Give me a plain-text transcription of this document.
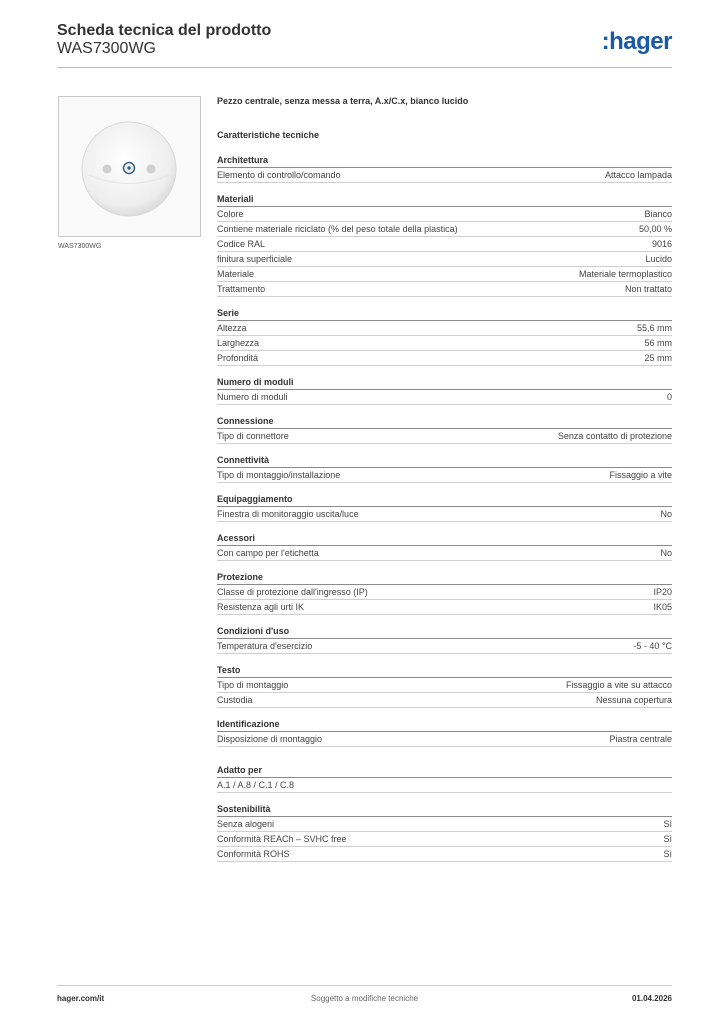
Scheda tecnica del prodotto
WAS7300WG	:hager
WAS7300WG
Pezzo centrale, senza messa a terra, A.x/C.x, bianco lucido
Caratteristiche tecniche
Architettura
Elemento di controllo/comando	Attacco lampada
Materiali
Colore	Bianco
Contiene materiale riciclato (% del peso totale della plastica)	50,00 %
Codice RAL	9016
finitura superficiale	Lucido
Materiale	Materiale termoplastico
Trattamento	Non trattato
Serie
Altezza	55,6 mm
Larghezza	56 mm
Profondità	25 mm
Numero di moduli
Numero di moduli	0
Connessione
Tipo di connettore	Senza contatto di protezione
Connettività
Tipo di montaggio/installazione	Fissaggio a vite
Equipaggiamento
Finestra di monitoraggio uscita/luce	No
Acessori
Con campo per l'etichetta	No
Protezione
Classe di protezione dall'ingresso (IP)	IP20
Resistenza agli urti IK	IK05
Condizioni d'uso
Temperatura d'esercizio	-5 - 40 °C
Testo
Tipo di montaggio	Fissaggio a vite su attacco
Custodia	Nessuna copertura
Identificazione
Disposizione di montaggio	Piastra centrale
Adatto per
A.1 / A.8 / C.1 / C.8
Sostenibilità
Senza alogeni	Sì
Conformità REACh – SVHC free	Sì
Conformità ROHS	Sì
hager.com/it	Soggetto a modifiche tecniche	01.04.2026
